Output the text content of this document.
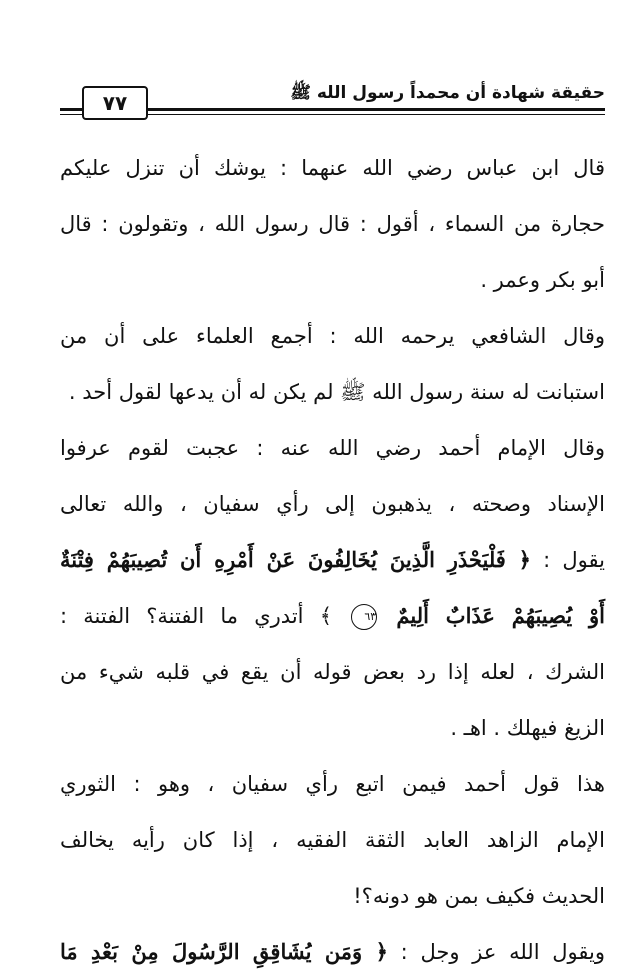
حقيقة شهادة أن محمداً رسول الله ﷺ
٧٧
قال ابن عباس رضي الله عنهما : يوشك أن تنزل عليكم
حجارة من السماء ، أقول : قال رسول الله ، وتقولون : قال
أبو بكر وعمر .
وقال الشافعي يرحمه الله : أجمع العلماء على أن من
استبانت له سنة رسول الله ﷺ لم يكن له أن يدعها لقول أحد .
وقال الإمام أحمد رضي الله عنه : عجبت لقوم عرفوا
الإسناد وصحته ، يذهبون إلى رأي سفيان ، والله تعالى
يقول : ﴿ فَلْيَحْذَرِ الَّذِينَ يُخَالِفُونَ عَنْ أَمْرِهِ أَن تُصِيبَهُمْ فِتْنَةٌ
أَوْ يُصِيبَهُمْ عَذَابٌ أَلِيمٌ ٦٣ ﴾ أتدري ما الفتنة؟ الفتنة :
الشرك ، لعله إذا رد بعض قوله أن يقع في قلبه شيء من
الزيغ فيهلك . اهـ .
هذا قول أحمد فيمن اتبع رأي سفيان ، وهو : الثوري
الإمام الزاهد العابد الثقة الفقيه ، إذا كان رأيه يخالف
الحديث فكيف بمن هو دونه؟!
ويقول الله عز وجل : ﴿ وَمَن يُشَاقِقِ الرَّسُولَ مِنْ بَعْدِ مَا
